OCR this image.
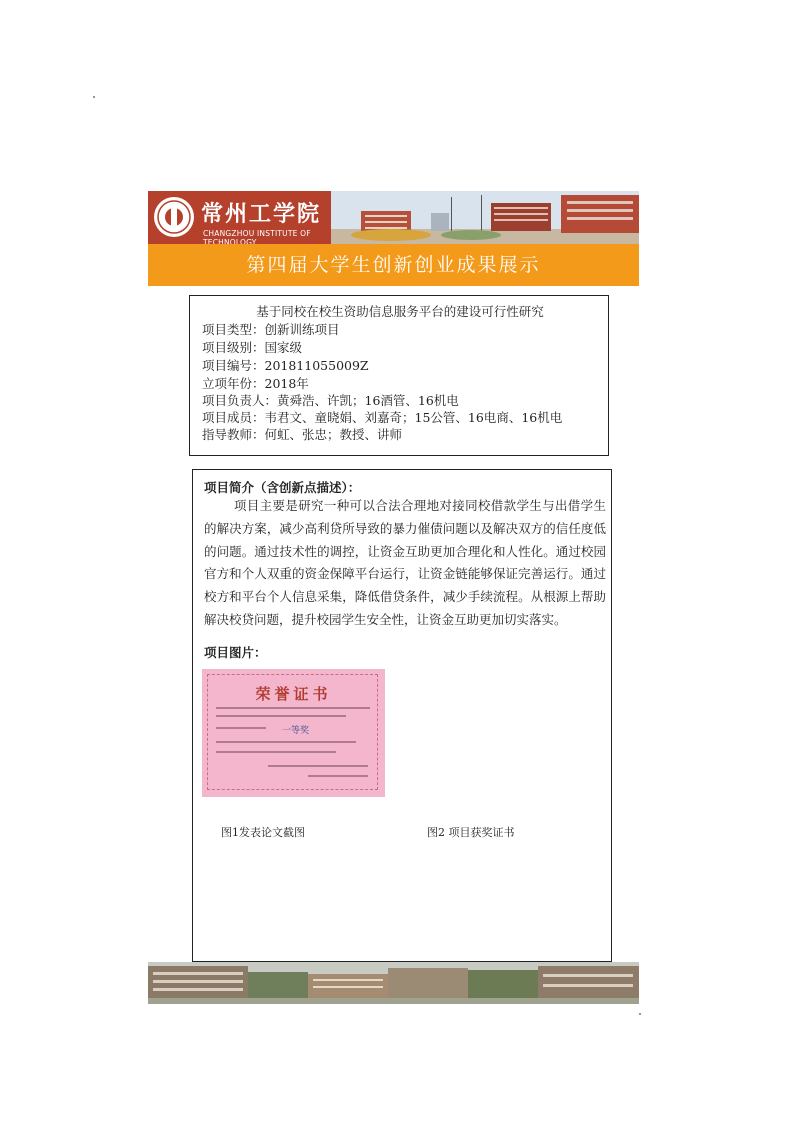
常州工学院
CHANGZHOU INSTITUTE OF TECHNOLOGY
第四届大学生创新创业成果展示
基于同校在校生资助信息服务平台的建设可行性研究
项目类型：创新训练项目
项目级别：国家级
项目编号：201811055009Z
立项年份：2018年
项目负责人：黄舜浩、许凯；16酒管、16机电
项目成员：韦君文、童晓娟、刘嘉奇；15公管、16电商、16机电
指导教师：何虹、张忠；教授、讲师
项目简介（含创新点描述）：
项目主要是研究一种可以合法合理地对接同校借款学生与出借学生的解决方案，减少高利贷所导致的暴力催债问题以及解决双方的信任度低的问题。通过技术性的调控，让资金互助更加合理化和人性化。通过校园官方和个人双重的资金保障平台运行，让资金链能够保证完善运行。通过校方和平台个人信息采集，降低借贷条件，减少手续流程。从根源上帮助解决校贷问题，提升校园学生安全性，让资金互助更加切实落实。
项目图片：
荣誉证书
一等奖
图1发表论文截图	图2 项目获奖证书
